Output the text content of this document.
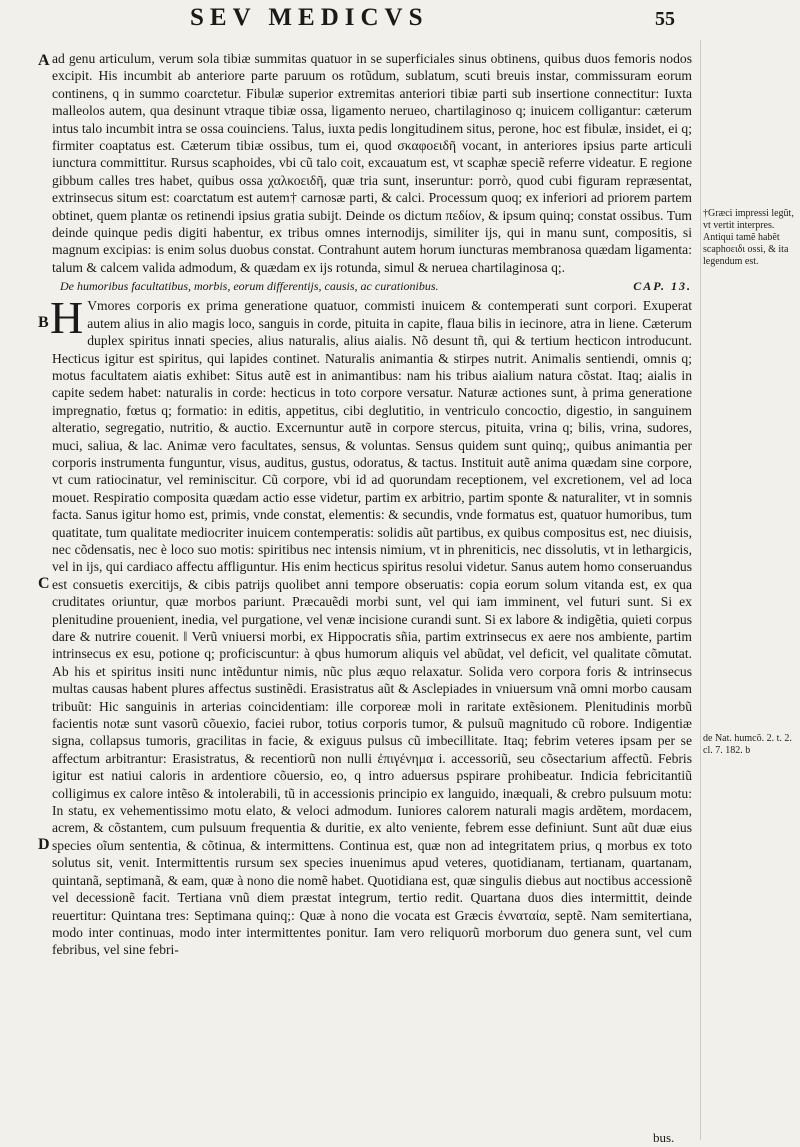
SEV MEDICVS	55
A
B
C
D

ad genu articulum, verum sola tibiæ summitas quatuor in se superficiales sinus obtinens, quibus duos femoris nodos excipit. His incumbit ab anteriore parte paruum os rotũdum, sublatum, scuti breuis instar, commissuram eorum continens, q in summo coarctetur. Fibulæ superior extremitas anteriori tibiæ parti sub insertione connectitur: Iuxta malleolos autem, qua desinunt vtraque tibiæ ossa, ligamento nerueo, chartilaginoso q; inuicem colligantur: cæterum intus talo incumbit intra se ossa couinciens. Talus, iuxta pedis longitudinem situs, perone, hoc est fibulæ, insidet, ei q; firmiter coaptatus est. Cæterum tibiæ ossibus, tum ei, quod σκαφοειδῆ vocant, in anteriores ipsius parte articuli iunctura committitur. Rursus scaphoides, vbi cũ talo coit, excauatum est, vt scaphæ speciẽ referre videatur. E regione gibbum calles tres habet, quibus ossa χαλκοειδῆ, quæ tria sunt, inseruntur: porrò, quod cubi figuram repræsentat, extrinsecus situm est: coarctatum est autem† carnosæ parti, & calci. Processum quoq; ex inferiori ad priorem partem obtinet, quem plantæ os retinendi ipsius gratia subijt. Deinde os dictum πεδίον, & ipsum quinq; constat ossibus. Tum deinde quinque pedis digiti habentur, ex tribus omnes internodijs, similiter ijs, qui in manu sunt, compositis, si magnum excipias: is enim solus duobus constat. Contrahunt autem horum iuncturas membranosa quædam ligamenta: talum & calcem valida admodum, & quædam ex ijs rotunda, simul & nerueа chartilaginosa q;.

De humoribus facultatibus, morbis, eorum differentijs, causis, ac curationibus.	CAP. 13.

H Vmores corporis ex prima generatione quatuor, commisti inuicem & contemperati sunt corpori. Exuperat autem alius in alio magis loco, sanguis in corde, pituita in capite, flaua bilis in iecinore, atra in liene. Cæterum duplex spiritus innati species, alius naturalis, alius aialis. Nõ desunt tñ, qui & tertium hecticon introducunt. Hecticus igitur est spiritus, qui lapides continet. Naturalis animantia & stirpes nutrit. Animalis sentiendi, omnis q; motus facultatem aiatis exhibet: Situs autẽ est in animantibus: nam his tribus aialium natura cõstat. Itaq; aialis in capite sedem habet: naturalis in corde: hecticus in toto corpore versatur. Naturæ actiones sunt, à prima generatione impregnatio, fœtus q; formatio: in editis, appetitus, cibi deglutitio, in ventriculo concoctio, digestio, in sanguinem alteratio, segregatio, nutritio, & auctio. Excernuntur autẽ in corpore stercus, pituita, vrina q; bilis, vrina, sudores, muci, saliua, & lac. Animæ vero facultates, sensus, & voluntas. Sensus quidem sunt quinq;, quibus animantia per corporis instrumenta funguntur, visus, auditus, gustus, odoratus, & tactus. Instituit autẽ anima quædam sine corpore, vt cum ratiocinatur, vel reminiscitur. Cũ corpore, vbi id ad quorundam receptionem, vel excretionem, vel ad loca mouet. Respiratio composita quædam actio esse videtur, partim ex arbitrio, partim sponte & naturaliter, vt in somnis facta. Sanus igitur homo est, primis, vnde constat, elementis: & secundis, vnde formatus est, quatuor humoribus, tum quatitate, tum qualitate mediocriter inuicem contemperatis: solidis aũt partibus, ex quibus compositus est, nec diuisis, nec cõdensatis, nec è loco suo motis: spiritibus nec intensis nimium, vt in phreniticis, nec dissolutis, vt in lethargicis, vel in ijs, qui cardiaco affectu affliguntur. His enim hecticus spiritus resolui videtur. Sanus autem homo conseruandus est consuetis exercitijs, & cibis patrijs quolibet anni tempore obseruatis: copia eorum solum vitanda est, ex qua cruditates oriuntur, quæ morbos pariunt. Præcauẽdi morbi sunt, vel qui iam imminent, vel futuri sunt. Si ex plenitudine prouenient, inedia, vel purgatione, vel venæ incisione curandi sunt. Si ex labore & indigẽtia, quieti corpus dare & nutrire couenit. ‖ Verũ vniuersi morbi, ex Hippocratis sñia, partim extrinsecus ex aere nos ambiente, partim intrinsecus ex esu, potione q; proficiscuntur: à qbus humorum aliquis vel abũdat, vel deficit, vel qualitate cõmutat. Ab his et spiritus insiti nunc intẽduntur nimis, nũc plus æquo relaxatur. Solida vero corpora foris & intrinsecus multas causas habent plures affectus sustinẽdi. Erasistratus aũt & Asclepiades in vniuersum vnã omni morbo causam tribuũt: Hic sanguinis in arterias coincidentiam: ille corporeæ moli in raritate extẽsionem. Plenitudinis morbũ facientis notæ sunt vasorũ cõuexio, faciei rubor, totius corporis tumor, & pulsuũ magnitudo cũ robore. Indigentiæ signa, collapsus tumoris, gracilitas in facie, & exiguus pulsus cũ imbecillitate. Itaq; febrim veteres ipsam per se affectum arbitrantur: Erasistratus, & recentiorũ non nulli ἐπιγένημα i. accessoriũ, seu cõsectarium affectũ. Febris igitur est natiui caloris in ardentiore cõuersio, eo, q intro aduersus pspirare prohibeatur. Indicia febricitantiũ colligimus ex calore intẽso & intolerabili, tũ in accessionis principio ex languido, inæquali, & crebro pulsuum motu: In statu, ex vehementissimo motu elato, & veloci admodum. Iuniores calorem naturali magis ardẽtem, mordacem, acrem, & cõstantem, cum pulsuum frequentia & duritie, ex alto veniente, febrem esse definiunt. Sunt aũt duæ eius species oĩum sententia, & cõtinua, & intermittens. Continua est, quæ non ad integritatem prius, q morbus ex toto solutus sit, venit. Intermittentis rursum sex species inuenimus apud veteres, quotidianam, tertianam, quartanam, quintanã, septimanã, & eam, quæ à nono die nomẽ habet. Quotidiana est, quæ singulis diebus aut noctibus accessionẽ vel decessionẽ facit. Tertiana vnũ diem præstat integrum, tertio redit. Quartana duos dies intermittit, deinde reuertitur: Quintana tres: Septimana quinq;: Quæ à nono die vocata est Græcis ἐνναταία, septẽ. Nam semitertiana, modo inter continuas, modo inter intermittentes ponitur. Iam vero reliquorũ morborum duo genera sunt, vel cum febribus, vel sine febri-

†Græci impressi legũt, vt vertit interpres. Antiqui tamẽ habẽt scaphoειδι ossi, & ita legendum est.
de Nat. humcõ. 2. t. 2. cl. 7. 182. b
bus.
